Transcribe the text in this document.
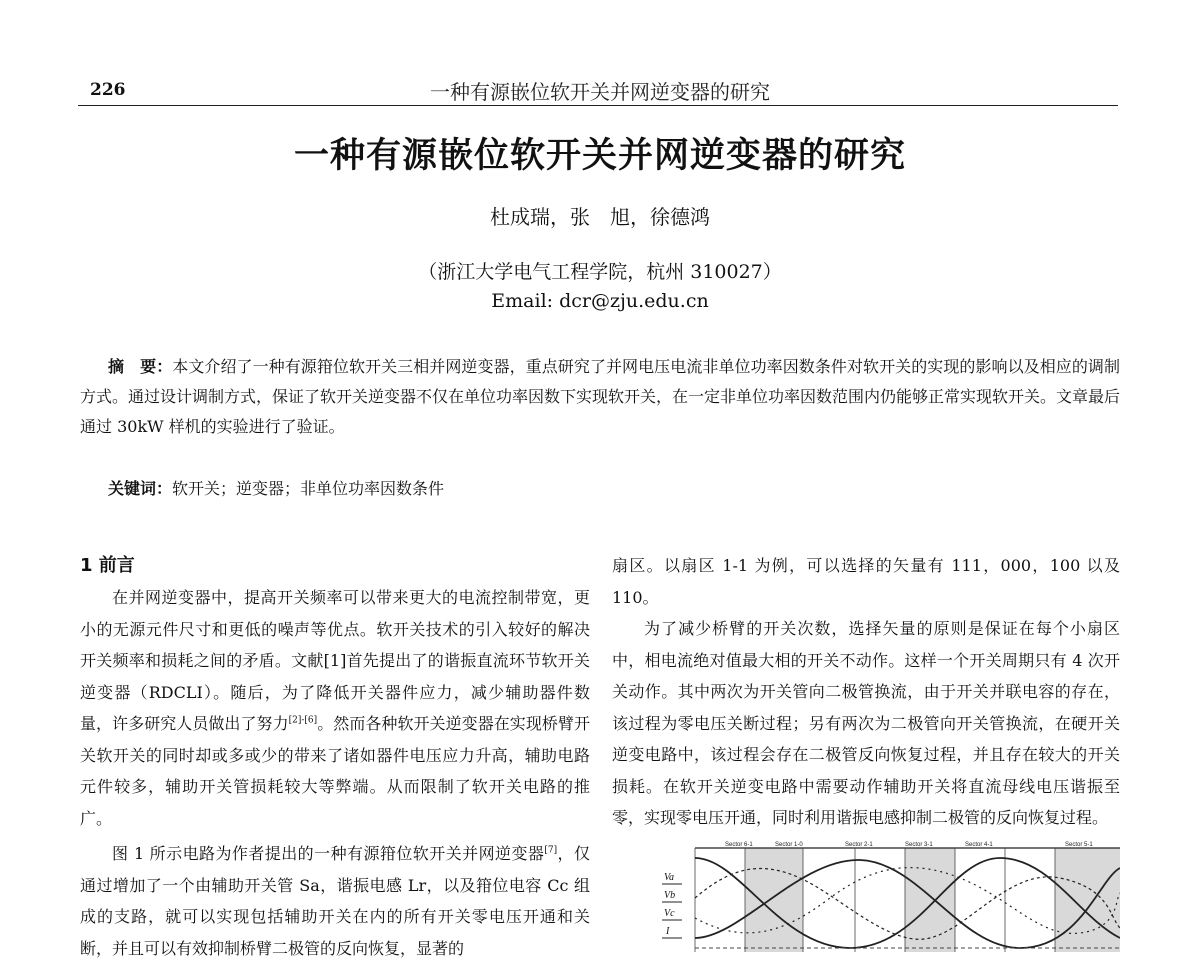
226	一种有源嵌位软开关并网逆变器的研究
一种有源嵌位软开关并网逆变器的研究
杜成瑞，张　旭，徐德鸿
（浙江大学电气工程学院，杭州 310027）
Email: dcr@zju.edu.cn
摘　要：本文介绍了一种有源箝位软开关三相并网逆变器，重点研究了并网电压电流非单位功率因数条件对软开关的实现的影响以及相应的调制方式。通过设计调制方式，保证了软开关逆变器不仅在单位功率因数下实现软开关，在一定非单位功率因数范围内仍能够正常实现软开关。文章最后通过 30kW 样机的实验进行了验证。
关键词：软开关；逆变器；非单位功率因数条件
1 前言

在并网逆变器中，提高开关频率可以带来更大的电流控制带宽，更小的无源元件尺寸和更低的噪声等优点。软开关技术的引入较好的解决开关频率和损耗之间的矛盾。文献[1]首先提出了的谐振直流环节软开关逆变器（RDCLI）。随后，为了降低开关器件应力，减少辅助器件数量，许多研究人员做出了努力[2]-[6]。然而各种软开关逆变器在实现桥臂开关软开关的同时却或多或少的带来了诸如器件电压应力升高，辅助电路元件较多，辅助开关管损耗较大等弊端。从而限制了软开关电路的推广。

图 1 所示电路为作者提出的一种有源箝位软开关并网逆变器[7]，仅通过增加了一个由辅助开关管 Sa，谐振电感 Lr，以及箝位电容 Cc 组成的支路，就可以实现包括辅助开关在内的所有开关零电压开通和关断，并且可以有效抑制桥臂二极管的反向恢复，显著的

扇区。以扇区 1-1 为例，可以选择的矢量有 111，000，100 以及 110。

为了减少桥臂的开关次数，选择矢量的原则是保证在每个小扇区中，相电流绝对值最大相的开关不动作。这样一个开关周期只有 4 次开关动作。其中两次为开关管向二极管换流，由于开关并联电容的存在，该过程为零电压关断过程；另有两次为二极管向开关管换流，在硬开关逆变电路中，该过程会存在二极管反向恢复过程，并且存在较大的开关损耗。在软开关逆变电路中需要动作辅助开关将直流母线电压谐振至零，实现零电压开通，同时利用谐振电感抑制二极管的反向恢复过程。

Sector 6-1	Sector 1-0	Sector 2-1	Sector 3-1	Sector 4-1	Sector 5-1
Va
Vb
Vc
I
